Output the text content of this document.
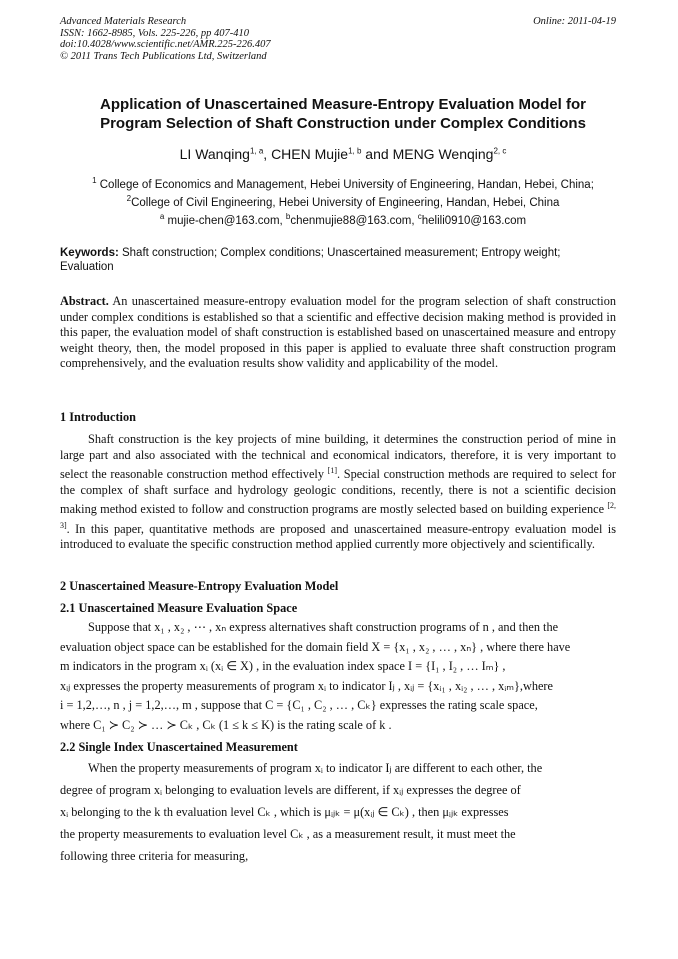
Advanced Materials Research
ISSN: 1662-8985, Vols. 225-226, pp 407-410
doi:10.4028/www.scientific.net/AMR.225-226.407
© 2011 Trans Tech Publications Ltd, Switzerland
Online: 2011-04-19
Application of Unascertained Measure-Entropy Evaluation Model for
Program Selection of Shaft Construction under Complex Conditions
LI Wanqing$^{1, a}$, CHEN Mujie$^{1, b}$ and MENG Wenqing$^{2, c}$
$^1$ College of Economics and Management, Hebei University of Engineering, Handan, Hebei, China;
$^2$College of Civil Engineering, Hebei University of Engineering, Handan, Hebei, China
$^a$ mujie-chen@163.com, $^b$chenmujie88@163.com, $^c$helili0910@163.com
Keywords: Shaft construction; Complex conditions; Unascertained measurement; Entropy weight; Evaluation
Abstract. An unascertained measure-entropy evaluation model for the program selection of shaft construction under complex conditions is established so that a scientific and effective decision making method is provided in this paper, the evaluation model of shaft construction is established based on unascertained measure and entropy weight theory, then, the model proposed in this paper is applied to evaluate three shaft construction program comprehensively, and the evaluation results show validity and applicability of the model.
1 Introduction
Shaft construction is the key projects of mine building, it determines the construction period of mine in large part and also associated with the technical and economical indicators, therefore, it is very important to select the reasonable construction method effectively [1]. Special construction methods are required to select for the complex of shaft surface and hydrology geologic conditions, recently, there is not a scientific decision making method existed to follow and construction programs are mostly selected based on building experience [2, 3]. In this paper, quantitative methods are proposed and unascertained measure-entropy evaluation model is introduced to evaluate the specific construction method applied currently more objectively and scientifically.
2 Unascertained Measure-Entropy Evaluation Model
2.1 Unascertained Measure Evaluation Space
Suppose that x₁ , x₂ , ⋯ , xₙ express alternatives shaft construction programs of n , and then the
evaluation object space can be established for the domain field X = {x₁ , x₂ , … , xₙ} , where there have
m indicators in the program xᵢ (xᵢ ∈ X) , in the evaluation index space I = {I₁ , I₂ , … Iₘ} ,
xᵢⱼ expresses the property measurements of program xᵢ to indicator Iⱼ , xᵢⱼ = {xᵢ₁ , xᵢ₂ , … , xᵢₘ},where
i = 1,2,…, n , j = 1,2,…, m , suppose that C = {C₁ , C₂ , … , Cₖ} expresses the rating scale space,
where C₁ ≻ C₂ ≻ … ≻ Cₖ , Cₖ (1 ≤ k ≤ K) is the rating scale of k .
2.2 Single Index Unascertained Measurement
When the property measurements of program xᵢ to indicator Iⱼ are different to each other, the
degree of program xᵢ belonging to evaluation levels are different, if xᵢⱼ expresses the degree of
xᵢ belonging to the k th evaluation level Cₖ , which is μᵢⱼₖ = μ(xᵢⱼ ∈ Cₖ) , then μᵢⱼₖ expresses
the property measurements to evaluation level Cₖ , as a measurement result, it must meet the
following three criteria for measuring,
